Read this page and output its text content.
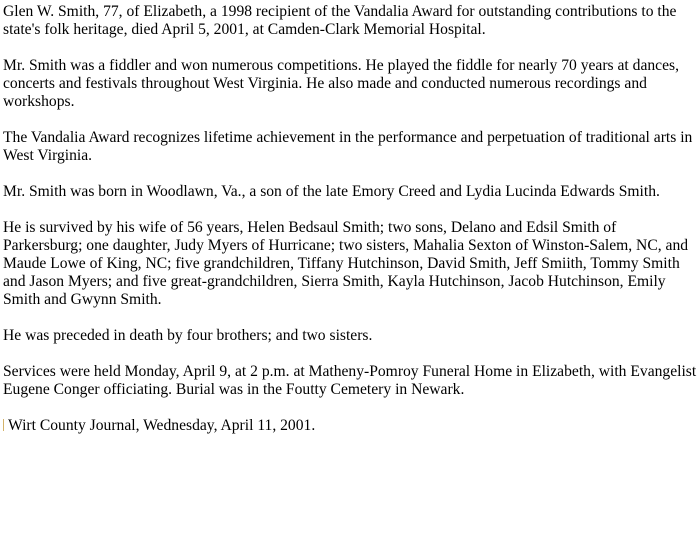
Glen W. Smith, 77, of Elizabeth, a 1998 recipient of the Vandalia Award for outstanding contributions to the state's folk heritage, died April 5, 2001, at Camden-Clark Memorial Hospital.

Mr. Smith was a fiddler and won numerous competitions. He played the fiddle for nearly 70 years at dances, concerts and festivals throughout West Virginia. He also made and conducted numerous recordings and workshops.

The Vandalia Award recognizes lifetime achievement in the performance and perpetuation of traditional arts in West Virginia.

Mr. Smith was born in Woodlawn, Va., a son of the late Emory Creed and Lydia Lucinda Edwards Smith.

He is survived by his wife of 56 years, Helen Bedsaul Smith; two sons, Delano and Edsil Smith of Parkersburg; one daughter, Judy Myers of Hurricane; two sisters, Mahalia Sexton of Winston-Salem, NC, and Maude Lowe of King, NC; five grandchildren, Tiffany Hutchinson, David Smith, Jeff Smiith, Tommy Smith and Jason Myers; and five great-grandchildren, Sierra Smith, Kayla Hutchinson, Jacob Hutchinson, Emily Smith and Gwynn Smith.

He was preceded in death by four brothers; and two sisters.

Services were held Monday, April 9, at 2 p.m. at Matheny-Pomroy Funeral Home in Elizabeth, with Evangelist Eugene Conger officiating. Burial was in the Foutty Cemetery in Newark.

Wirt County Journal, Wednesday, April 11, 2001.
